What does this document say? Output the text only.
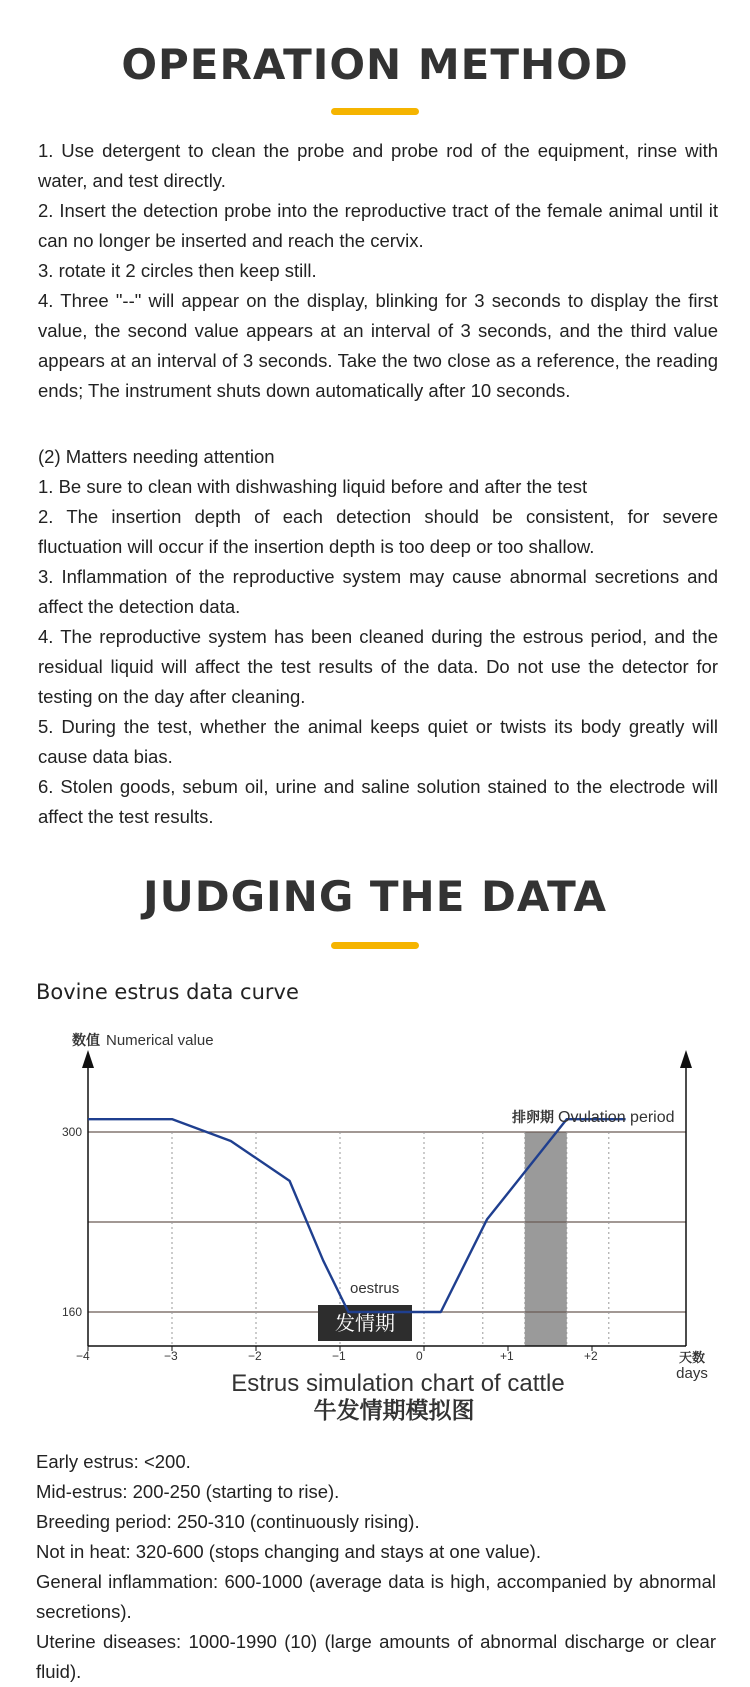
OPERATION METHOD

1. Use detergent to clean the probe and probe rod of the equipment, rinse with water, and test directly.

2. Insert the detection probe into the reproductive tract of the female animal until it can no longer be inserted and reach the cervix.

3. rotate it 2 circles then keep still.

4. Three "--" will appear on the display, blinking for 3 seconds to display the first value, the second value appears at an interval of 3 seconds, and the third value appears at an interval of 3 seconds. Take the two close as a reference, the reading ends; The instrument shuts down automatically after 10 seconds.

(2) Matters needing attention

1. Be sure to clean with dishwashing liquid before and after the test

2. The insertion depth of each detection should be consistent, for severe fluctuation will occur if the insertion depth is too deep or too shallow.

3. Inflammation of the reproductive system may cause abnormal secretions and affect the detection data.

4. The reproductive system has been cleaned during the estrous period, and the residual liquid will affect the test results of the data. Do not use the detector for testing on the day after cleaning.

5. During the test, whether the animal keeps quiet or twists its body greatly will cause data bias.

6. Stolen goods, sebum oil, urine and saline solution stained to the electrode will affect the test results.

JUDGING THE DATA
Bovine estrus data curve
数值 Numerical value
300
160
−4	−3	−2	−1	0	+1	+2
发情期
oestrus
排卵期 Ovulation period
天数
days
Estrus simulation chart of cattle
牛发情期模拟图

Early estrus: <200.

Mid-estrus: 200-250 (starting to rise).

Breeding period: 250-310 (continuously rising).

Not in heat: 320-600 (stops changing and stays at one value).

General inflammation: 600-1000 (average data is high, accompanied by abnormal secretions).

Uterine diseases: 1000-1990 (10) (large amounts of abnormal discharge or clear fluid).
